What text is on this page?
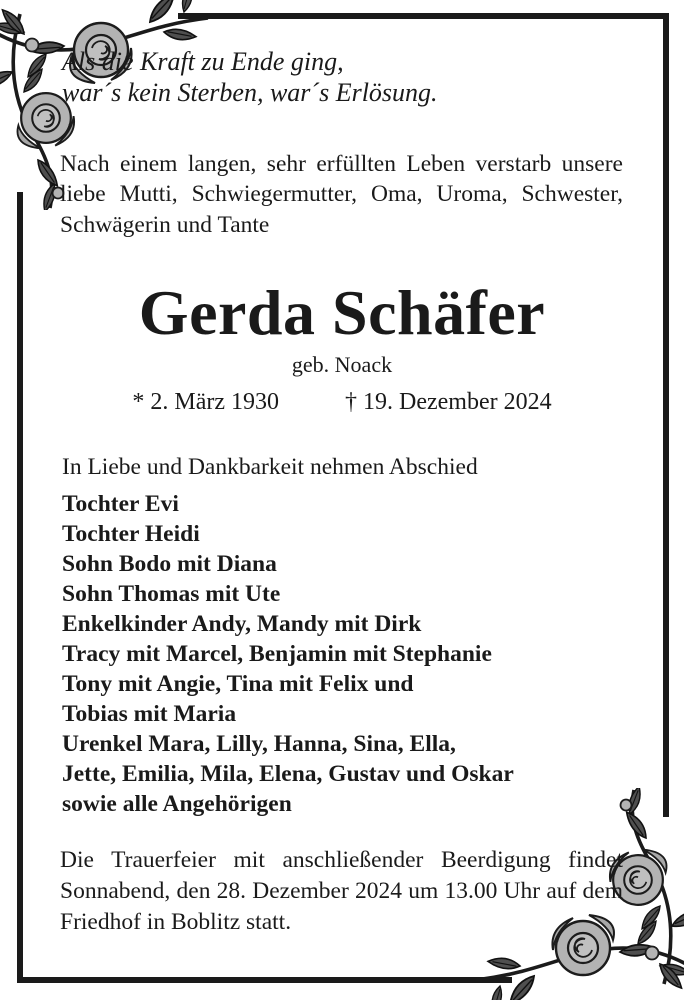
Als die Kraft zu Ende ging,
war´s kein Sterben, war´s Erlösung.
Nach einem langen, sehr erfüllten Leben verstarb unsere liebe Mutti, Schwiegermutter, Oma, Uroma, Schwester, Schwägerin und Tante
Gerda Schäfer
geb. Noack
* 2. März 1930	† 19. Dezember 2024
In Liebe und Dankbarkeit nehmen Abschied
Tochter Evi
Tochter Heidi
Sohn Bodo mit Diana
Sohn Thomas mit Ute
Enkelkinder Andy, Mandy mit Dirk
Tracy mit Marcel, Benjamin mit Stephanie
Tony mit Angie, Tina mit Felix und
Tobias mit Maria
Urenkel Mara, Lilly, Hanna, Sina, Ella,
Jette, Emilia, Mila, Elena, Gustav und Oskar
sowie alle Angehörigen
Die Trauerfeier mit anschließender Beerdigung findet Sonnabend, den 28. Dezember 2024 um 13.00 Uhr auf dem Friedhof in Boblitz statt.
